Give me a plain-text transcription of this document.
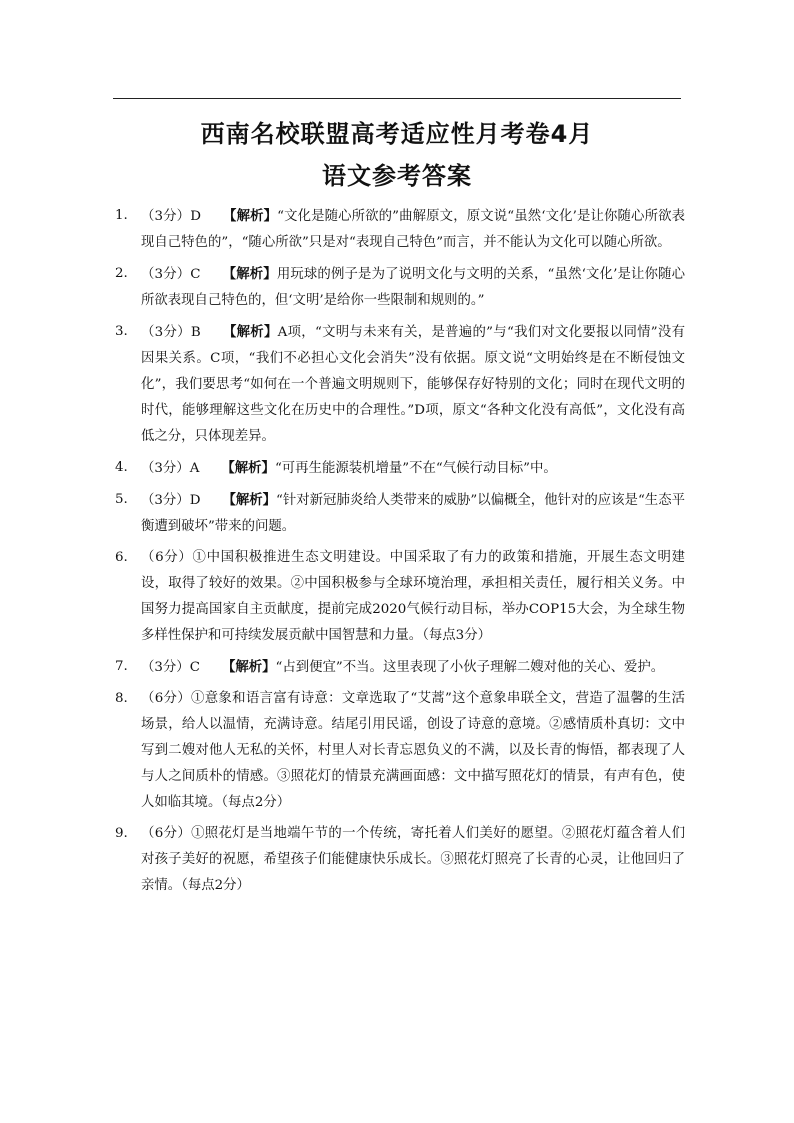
西南名校联盟高考适应性月考卷4月
语文参考答案
1. （3分）D 【解析】“文化是随心所欲的”曲解原文，原文说“虽然‘文化’是让你随心所欲表现自己特色的”，“随心所欲”只是对“表现自己特色”而言，并不能认为文化可以随心所欲。
2. （3分）C 【解析】用玩球的例子是为了说明文化与文明的关系，“虽然‘文化’是让你随心所欲表现自己特色的，但‘文明’是给你一些限制和规则的。”
3. （3分）B 【解析】A项，“文明与未来有关，是普遍的”与“我们对文化要报以同情”没有因果关系。C项，“我们不必担心文化会消失”没有依据。原文说“文明始终是在不断侵蚀文化”，我们要思考“如何在一个普遍文明规则下，能够保存好特别的文化；同时在现代文明的时代，能够理解这些文化在历史中的合理性。”D项，原文“各种文化没有高低”，文化没有高低之分，只体现差异。
4. （3分）A 【解析】“可再生能源装机增量”不在“气候行动目标”中。
5. （3分）D 【解析】“针对新冠肺炎给人类带来的威胁”以偏概全，他针对的应该是“生态平衡遭到破坏”带来的问题。
6. （6分）①中国积极推进生态文明建设。中国采取了有力的政策和措施，开展生态文明建设，取得了较好的效果。②中国积极参与全球环境治理，承担相关责任，履行相关义务。中国努力提高国家自主贡献度，提前完成2020气候行动目标，举办COP15大会，为全球生物多样性保护和可持续发展贡献中国智慧和力量。（每点3分）
7. （3分）C 【解析】“占到便宜”不当。这里表现了小伙子理解二嫂对他的关心、爱护。
8. （6分）①意象和语言富有诗意：文章选取了“艾蒿”这个意象串联全文，营造了温馨的生活场景，给人以温情，充满诗意。结尾引用民谣，创设了诗意的意境。②感情质朴真切：文中写到二嫂对他人无私的关怀，村里人对长青忘恩负义的不满，以及长青的悔悟，都表现了人与人之间质朴的情感。③照花灯的情景充满画面感：文中描写照花灯的情景，有声有色，使人如临其境。（每点2分）
9. （6分）①照花灯是当地端午节的一个传统，寄托着人们美好的愿望。②照花灯蕴含着人们对孩子美好的祝愿，希望孩子们能健康快乐成长。③照花灯照亮了长青的心灵，让他回归了亲情。（每点2分）
